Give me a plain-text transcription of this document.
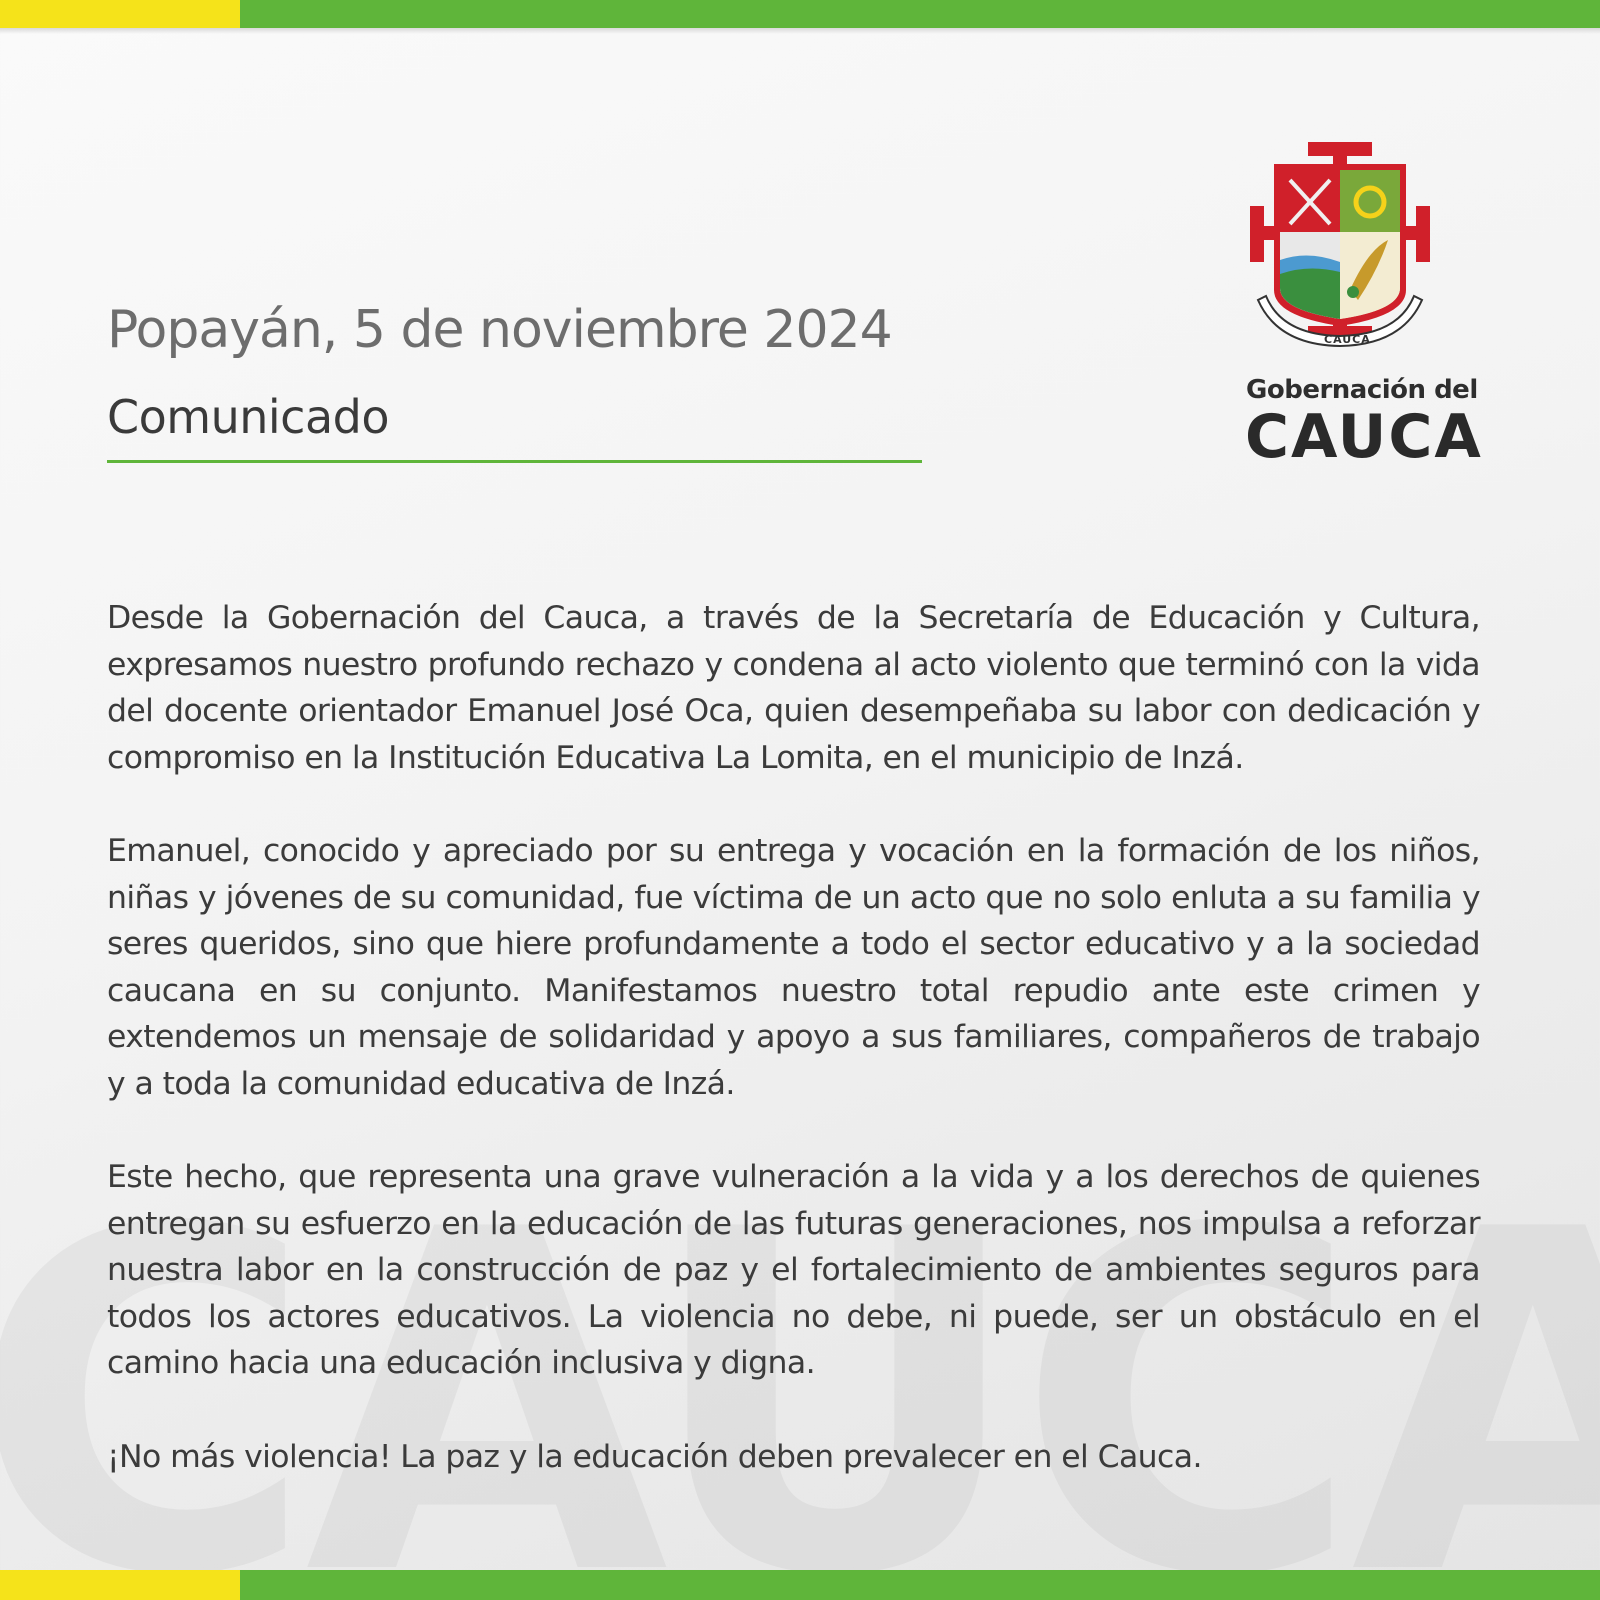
Popayán, 5 de noviembre 2024
Comunicado
CAUCA
Gobernación del
CAUCA

Desde la Gobernación del Cauca, a través de la Secretaría de Educación y Cultura, expresamos nuestro profundo rechazo y condena al acto violento que terminó con la vida del docente orientador Emanuel José Oca, quien desempeñaba su labor con dedicación y compromiso en la Institución Educativa La Lomita, en el municipio de Inzá.

Emanuel, conocido y apreciado por su entrega y vocación en la formación de los niños, niñas y jóvenes de su comunidad, fue víctima de un acto que no solo enluta a su familia y seres queridos, sino que hiere profundamente a todo el sector educativo y a la sociedad caucana en su conjunto. Manifestamos nuestro total repudio ante este crimen y extendemos un mensaje de solidaridad y apoyo a sus familiares, compañeros de trabajo y a toda la comunidad educativa de Inzá.

Este hecho, que representa una grave vulneración a la vida y a los derechos de quienes entregan su esfuerzo en la educación de las futuras generaciones, nos impulsa a reforzar nuestra labor en la construcción de paz y el fortalecimiento de ambientes seguros para todos los actores educativos. La violencia no debe, ni puede, ser un obstáculo en el camino hacia una educación inclusiva y digna.

¡No más violencia! La paz y la educación deben prevalecer en el Cauca.
